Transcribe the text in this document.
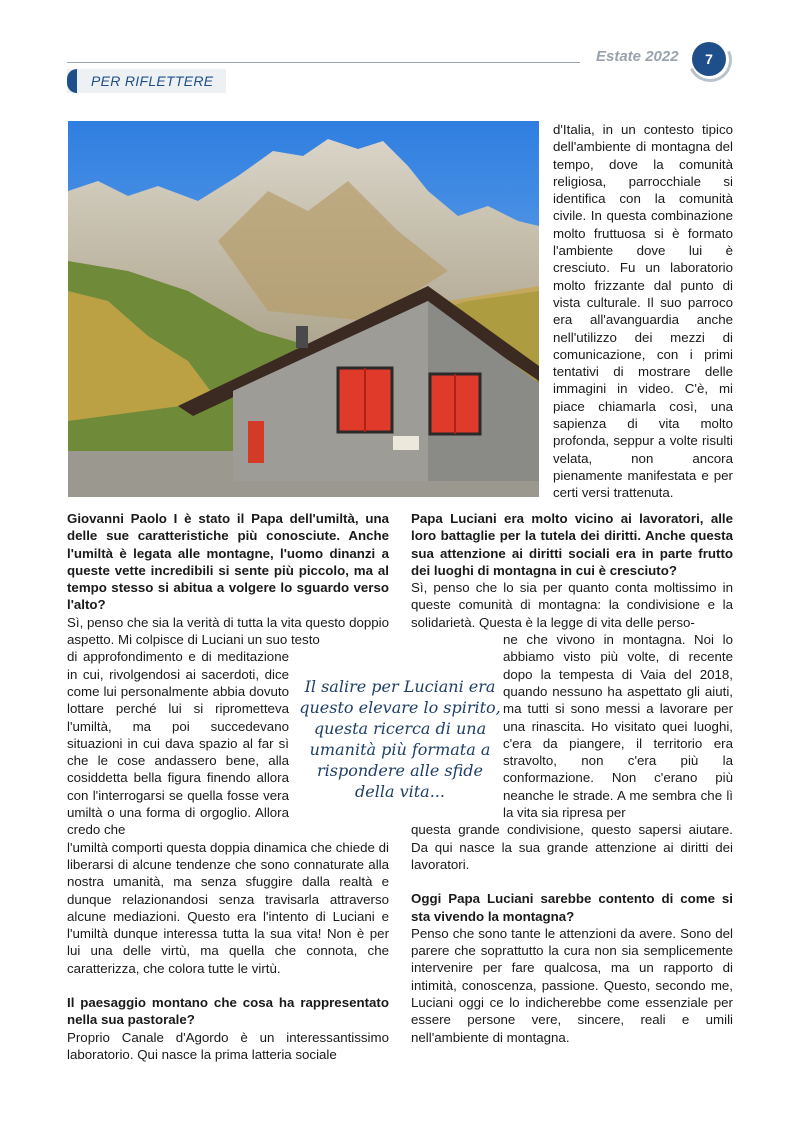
Estate 2022	7
PER RIFLETTERE

d'Italia, in un contesto tipico dell'ambiente di montagna del tempo, dove la comunità religiosa, parrocchiale si identifica con la comunità civile. In questa combinazione molto fruttuosa si è formato l'ambiente dove lui è cresciuto. Fu un laboratorio molto frizzante dal punto di vista culturale. Il suo parroco era all'avanguardia anche nell'utilizzo dei mezzi di comunicazione, con i primi tentativi di mostrare delle immagini in video. C'è, mi piace chiamarla così, una sapienza di vita molto profonda, seppur a volte risulti velata, non ancora pienamente manifestata e per certi versi trattenuta.

Giovanni Paolo I è stato il Papa dell'umiltà, una delle sue caratteristiche più conosciute. Anche l'umiltà è legata alle montagne, l'uomo dinanzi a queste vette incredibili si sente più piccolo, ma al tempo stesso si abitua a volgere lo sguardo verso l'alto?

Sì, penso che sia la verità di tutta la vita questo doppio aspetto. Mi colpisce di Luciani un suo testo

di approfondimento e di meditazione in cui, rivolgendosi ai sacerdoti, dice come lui personalmente abbia dovuto lottare perché lui si riprometteva l'umiltà, ma poi succedevano situazioni in cui dava spazio al far sì che le cose andassero bene, alla cosiddetta bella figura finendo allora con l'interrogarsi se quella fosse vera umiltà o una forma di orgoglio. Allora credo che

l'umiltà comporti questa doppia dinamica che chiede di liberarsi di alcune tendenze che sono connaturate alla nostra umanità, ma senza sfuggire dalla realtà e dunque relazionandosi senza travisarla attraverso alcune mediazioni. Questo era l'intento di Luciani e l'umiltà dunque interessa tutta la sua vita! Non è per lui una delle virtù, ma quella che connota, che caratterizza, che colora tutte le virtù.

Il paesaggio montano che cosa ha rappresentato nella sua pastorale?

Proprio Canale d'Agordo è un interessantissimo laboratorio. Qui nasce la prima latteria sociale

Papa Luciani era molto vicino ai lavoratori, alle loro battaglie per la tutela dei diritti. Anche questa sua attenzione ai diritti sociali era in parte frutto dei luoghi di montagna in cui è cresciuto?

Sì, penso che lo sia per quanto conta moltissimo in queste comunità di montagna: la condivisione e la solidarietà. Questa è la legge di vita delle perso-

ne che vivono in montagna. Noi lo abbiamo visto più volte, di recente dopo la tempesta di Vaia del 2018, quando nessuno ha aspettato gli aiuti, ma tutti si sono messi a lavorare per una rinascita. Ho visitato quei luoghi, c'era da piangere, il territorio era stravolto, non c'era più la conformazione. Non c'erano più neanche le strade. A me sembra che lì la vita sia ripresa per

questa grande condivisione, questo sapersi aiutare. Da qui nasce la sua grande attenzione ai diritti dei lavoratori.

Oggi Papa Luciani sarebbe contento di come si sta vivendo la montagna?

Penso che sono tante le attenzioni da avere. Sono del parere che soprattutto la cura non sia semplicemente intervenire per fare qualcosa, ma un rapporto di intimità, conoscenza, passione. Questo, secondo me, Luciani oggi ce lo indicherebbe come essenziale per essere persone vere, sincere, reali e umili nell'ambiente di montagna.

Il salire per Luciani era questo elevare lo spirito, questa ricerca di una umanità più formata a rispondere alle sfide della vita...
